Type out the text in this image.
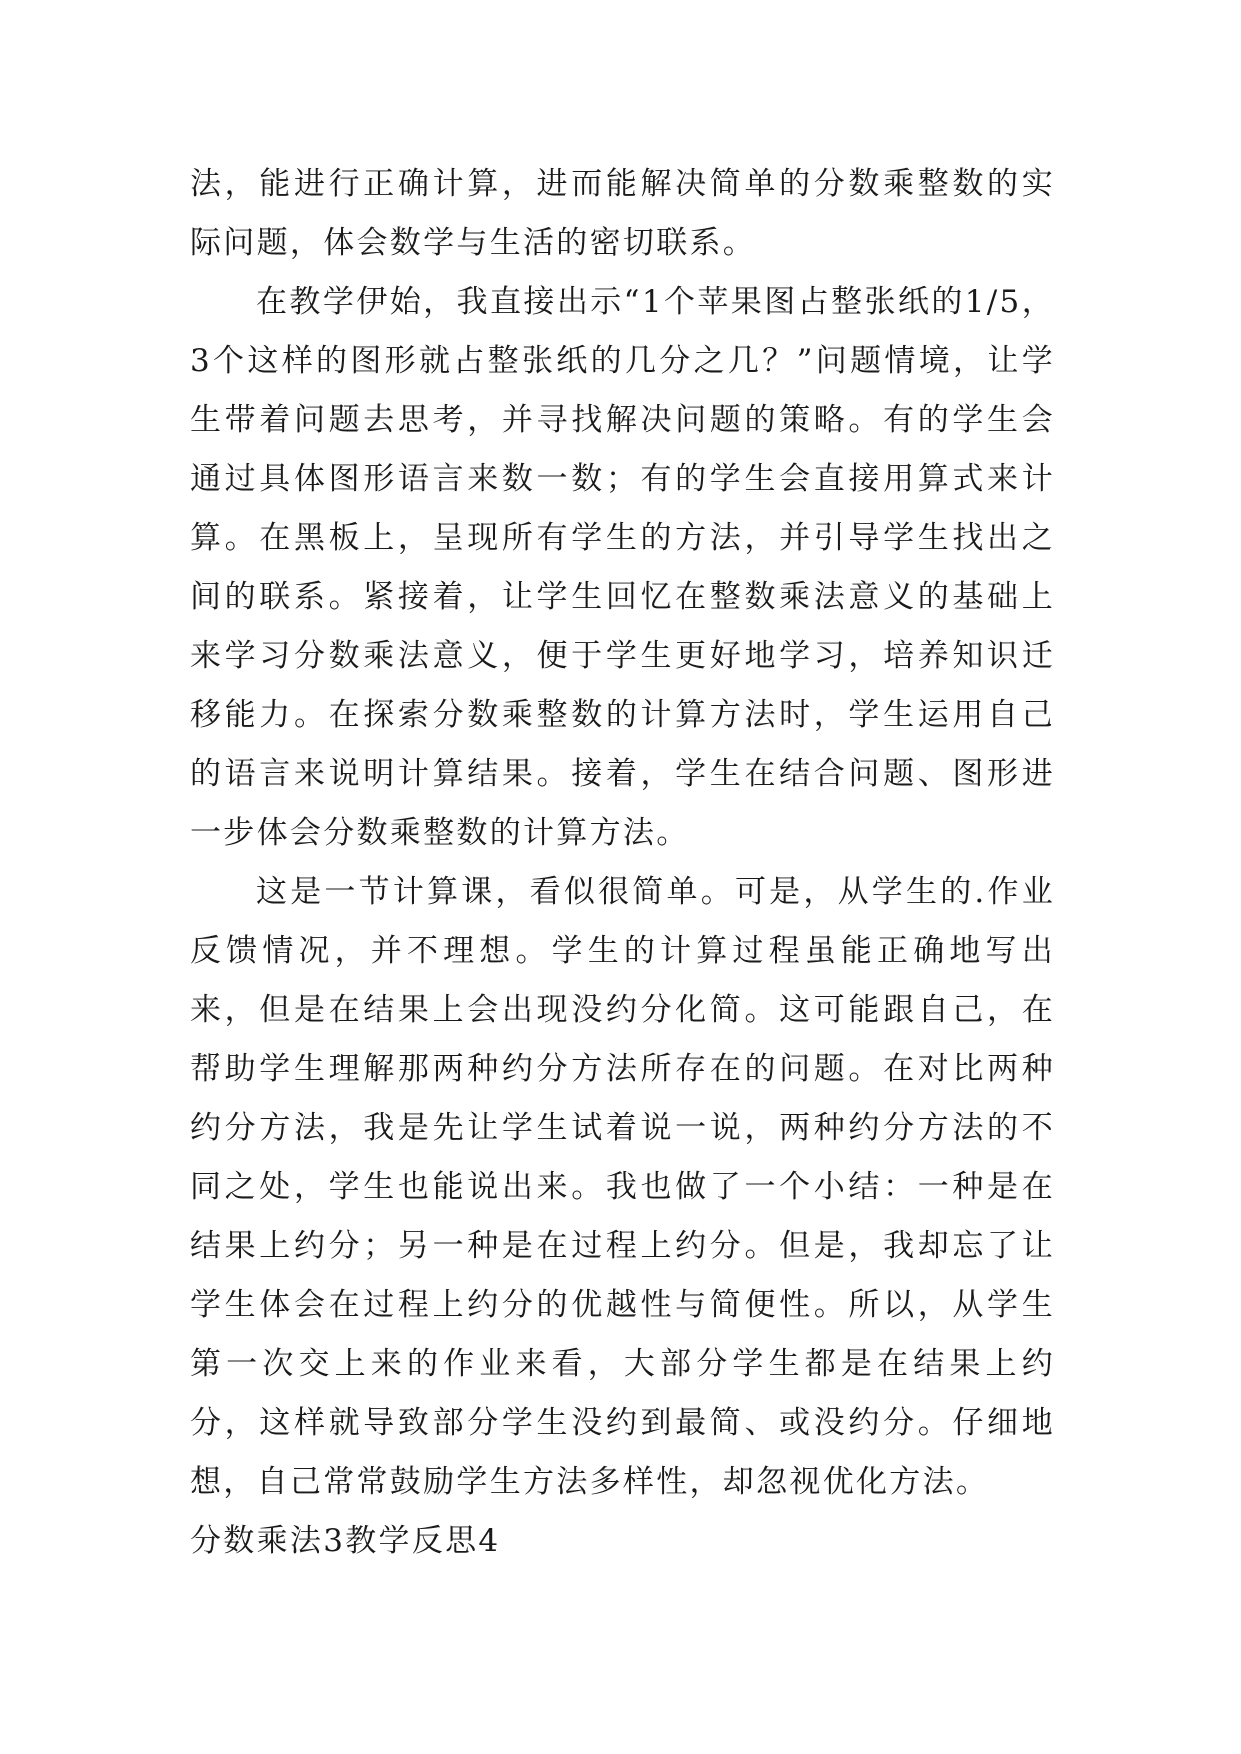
法，能进行正确计算，进而能解决简单的分数乘整数的实际问题，体会数学与生活的密切联系。

在教学伊始，我直接出示“1个苹果图占整张纸的1/5，3个这样的图形就占整张纸的几分之几？”问题情境，让学生带着问题去思考，并寻找解决问题的策略。有的学生会通过具体图形语言来数一数；有的学生会直接用算式来计算。在黑板上，呈现所有学生的方法，并引导学生找出之间的联系。紧接着，让学生回忆在整数乘法意义的基础上来学习分数乘法意义，便于学生更好地学习，培养知识迁移能力。在探索分数乘整数的计算方法时，学生运用自己的语言来说明计算结果。接着，学生在结合问题、图形进一步体会分数乘整数的计算方法。

这是一节计算课，看似很简单。可是，从学生的.作业反馈情况，并不理想。学生的计算过程虽能正确地写出来，但是在结果上会出现没约分化简。这可能跟自己，在帮助学生理解那两种约分方法所存在的问题。在对比两种约分方法，我是先让学生试着说一说，两种约分方法的不同之处，学生也能说出来。我也做了一个小结：一种是在结果上约分；另一种是在过程上约分。但是，我却忘了让学生体会在过程上约分的优越性与简便性。所以，从学生第一次交上来的作业来看，大部分学生都是在结果上约分，这样就导致部分学生没约到最简、或没约分。仔细地想，自己常常鼓励学生方法多样性，却忽视优化方法。

分数乘法3教学反思4
